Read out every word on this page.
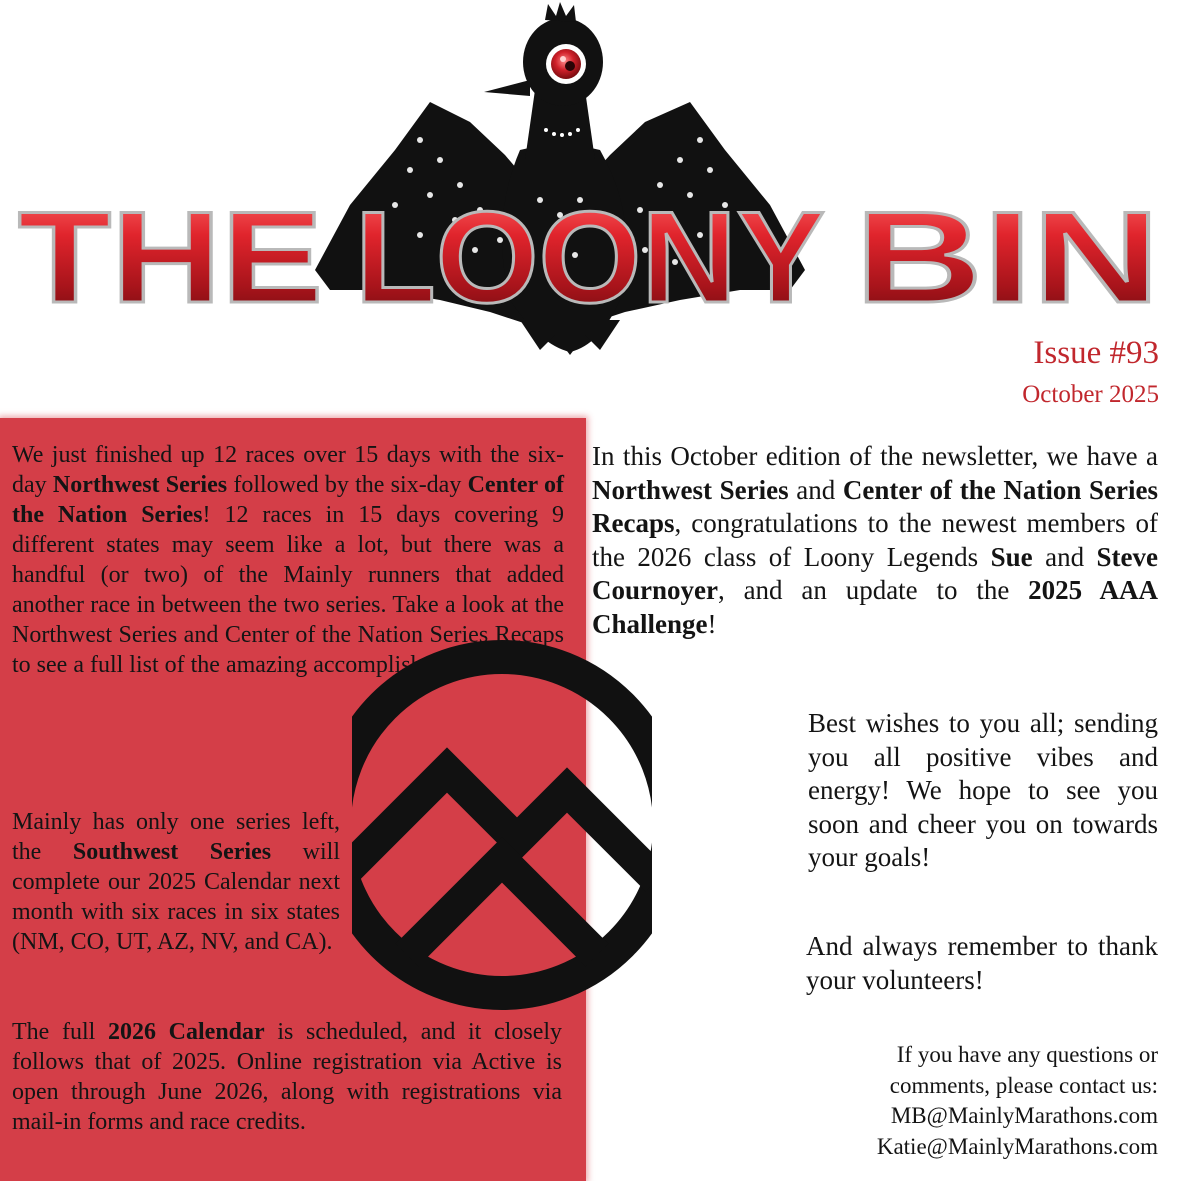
THE LOONY BIN
Issue #93
October 2025
We just finished up 12 races over 15 days with the six-day Northwest Series followed by the six-day Center of the Nation Series! 12 races in 15 days covering 9 different states may seem like a lot, but there was a handful (or two) of the Mainly runners that added another race in between the two series. Take a look at the Northwest Series and Center of the Nation Series Recaps to see a full list of the amazing accomplishments.
Mainly has only one series left, the Southwest Series will complete our 2025 Calendar next month with six races in six states (NM, CO, UT, AZ, NV, and CA).
The full 2026 Calendar is scheduled, and it closely follows that of 2025. Online registration via Active is open through June 2026, along with registrations via mail-in forms and race credits.
In this October edition of the newsletter, we have a Northwest Series and Center of the Nation Series Recaps, congratulations to the newest members of the 2026 class of Loony Legends Sue and Steve Cournoyer, and an update to the 2025 AAA Challenge!
Best wishes to you all; sending you all positive vibes and energy! We hope to see you soon and cheer you on towards your goals!
And always remember to thank your volunteers!
If you have any questions or
comments, please contact us:
MB@MainlyMarathons.com
Katie@MainlyMarathons.com
